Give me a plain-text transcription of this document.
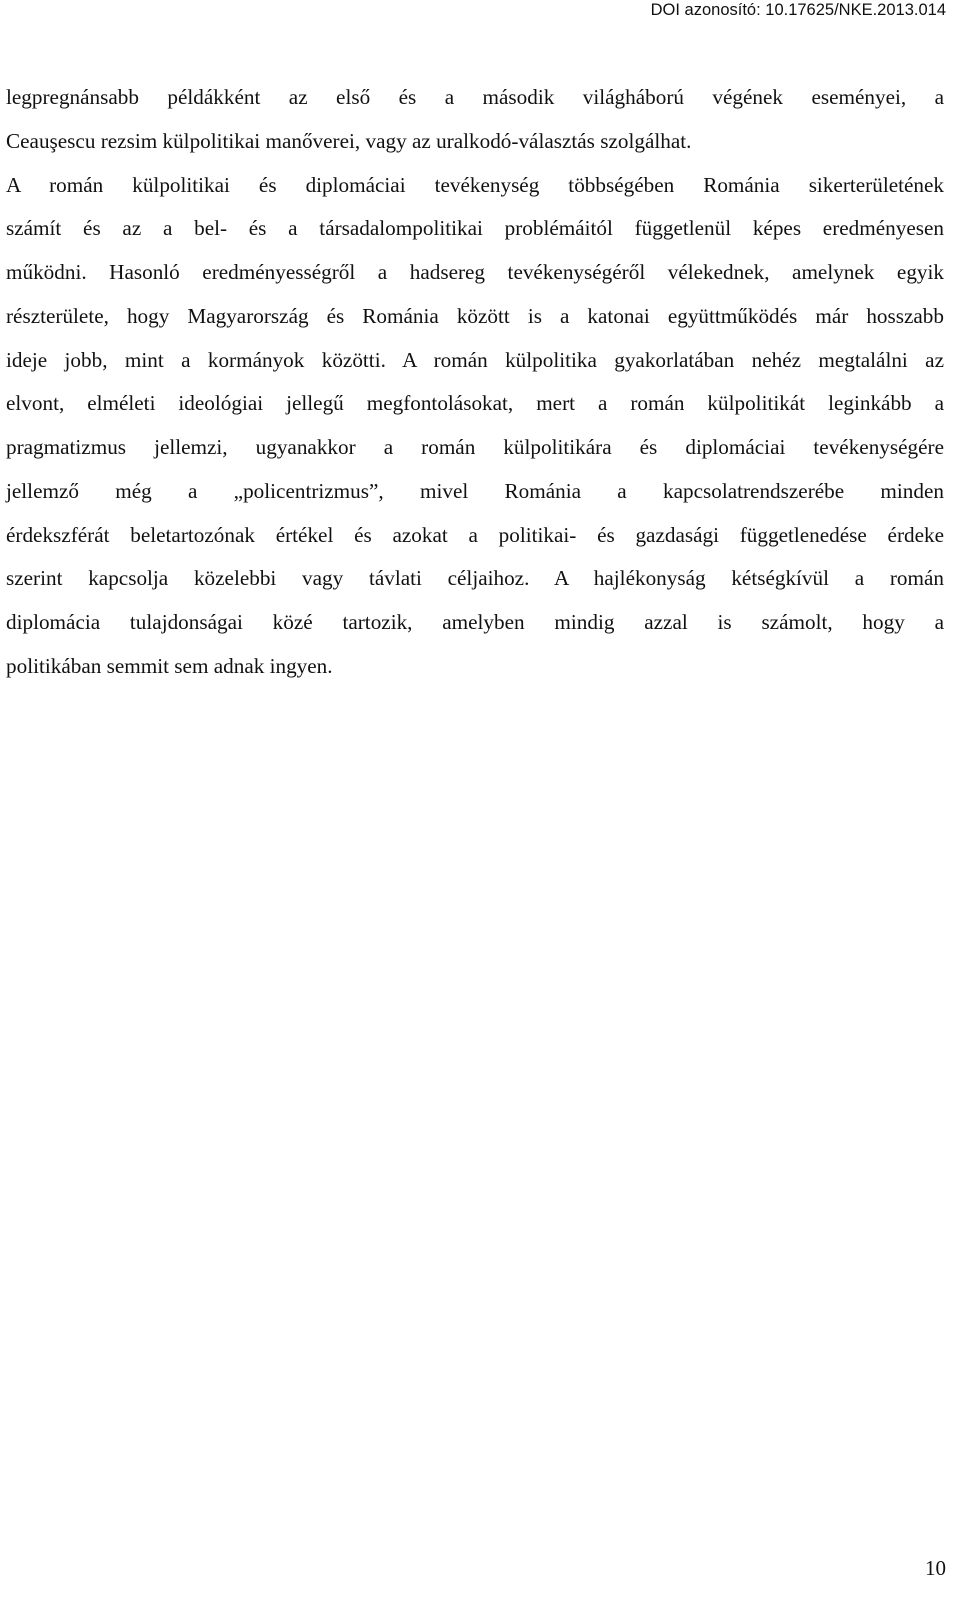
DOI azonosító: 10.17625/NKE.2013.014
legpregnánsabb példákként az első és a második világháború végének eseményei, a
Ceauşescu rezsim külpolitikai manőverei, vagy az uralkodó-választás szolgálhat.
A román külpolitikai és diplomáciai tevékenység többségében Románia sikerterületének
számít és az a bel- és a társadalompolitikai problémáitól függetlenül képes eredményesen
működni. Hasonló eredményességről a hadsereg tevékenységéről vélekednek, amelynek egyik
részterülete, hogy Magyarország és Románia között is a katonai együttműködés már hosszabb
ideje jobb, mint a kormányok közötti. A román külpolitika gyakorlatában nehéz megtalálni az
elvont, elméleti ideológiai jellegű megfontolásokat, mert a román külpolitikát leginkább a
pragmatizmus jellemzi, ugyanakkor a román külpolitikára és diplomáciai tevékenységére
jellemző még a „policentrizmus”, mivel Románia a kapcsolatrendszerébe minden
érdekszférát beletartozónak értékel és azokat a politikai- és gazdasági függetlenedése érdeke
szerint kapcsolja közelebbi vagy távlati céljaihoz. A hajlékonyság kétségkívül a román
diplomácia tulajdonságai közé tartozik, amelyben mindig azzal is számolt, hogy a
politikában semmit sem adnak ingyen.
10
